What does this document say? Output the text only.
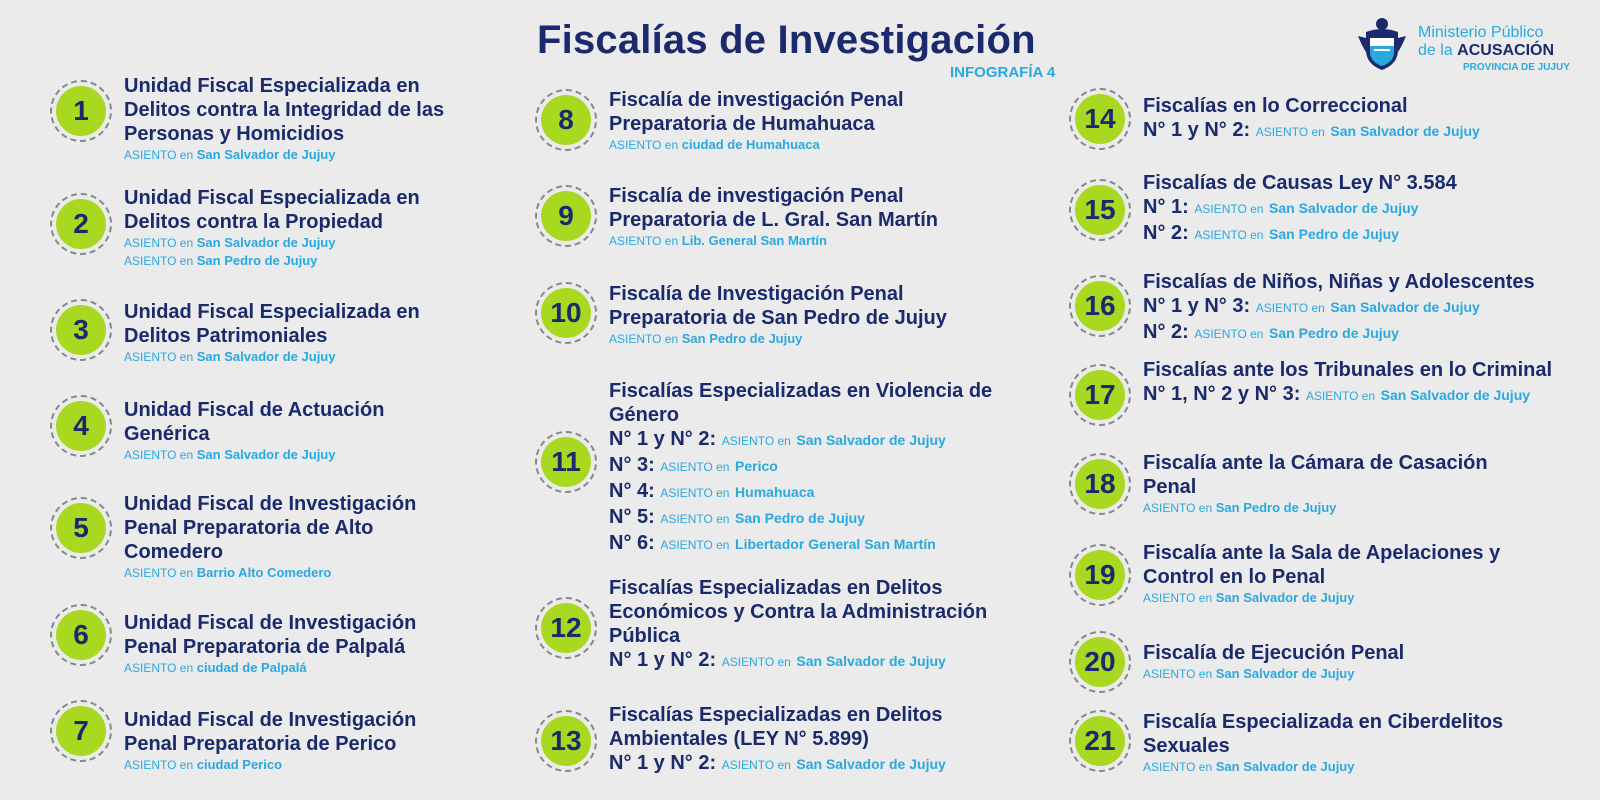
Fiscalías de Investigación
INFOGRAFÍA 4
Ministerio Público
de la ACUSACIÓN
PROVINCIA DE JUJUY
1
Unidad Fiscal Especializada en Delitos contra la Integridad de las Personas y Homicidios
ASIENTO en San Salvador de Jujuy
2
Unidad Fiscal Especializada en Delitos contra la Propiedad
ASIENTO en San Salvador de Jujuy
ASIENTO en San Pedro de Jujuy
3
Unidad Fiscal Especializada en Delitos Patrimoniales
ASIENTO en San Salvador de Jujuy
4	Unidad Fiscal de Actuación Genérica
ASIENTO en San Salvador de Jujuy
5
Unidad Fiscal de Investigación Penal Preparatoria de Alto Comedero
ASIENTO en Barrio Alto Comedero
6	Unidad Fiscal de Investigación Penal Preparatoria de Palpalá
ASIENTO en ciudad de Palpalá
7	Unidad Fiscal de Investigación Penal Preparatoria de Perico
ASIENTO en ciudad Perico
8
Fiscalía de investigación Penal Preparatoria de Humahuaca
ASIENTO en ciudad de Humahuaca
9
Fiscalía de investigación Penal Preparatoria de L. Gral. San Martín
ASIENTO en Lib. General San Martín
10
Fiscalía de Investigación Penal Preparatoria de San Pedro de Jujuy
ASIENTO en San Pedro de Jujuy
11
Fiscalías Especializadas en Violencia de Género
N° 1 y N° 2: ASIENTO en San Salvador de Jujuy
N° 3: ASIENTO en Perico
N° 4: ASIENTO en Humahuaca
N° 5: ASIENTO en San Pedro de Jujuy
N° 6: ASIENTO en Libertador General San Martín
12
Fiscalías Especializadas en Delitos Económicos y Contra la Administración Pública
N° 1 y N° 2: ASIENTO en San Salvador de Jujuy
13
Fiscalías Especializadas en Delitos Ambientales (LEY N° 5.899)
N° 1 y N° 2: ASIENTO en San Salvador de Jujuy
14	Fiscalías en lo Correccional
N° 1 y N° 2: ASIENTO en San Salvador de Jujuy
15
Fiscalías de Causas Ley N° 3.584
N° 1: ASIENTO en San Salvador de Jujuy
N° 2: ASIENTO en San Pedro de Jujuy
16
Fiscalías de Niños, Niñas y Adolescentes
N° 1 y N° 3: ASIENTO en San Salvador de Jujuy
N° 2: ASIENTO en San Pedro de Jujuy
17
Fiscalías ante los Tribunales en lo Criminal
N° 1, N° 2 y N° 3: ASIENTO en San Salvador de Jujuy
18
Fiscalía ante la Cámara de Casación Penal
ASIENTO en San Pedro de Jujuy
19
Fiscalía ante la Sala de Apelaciones y Control en lo Penal
ASIENTO en San Salvador de Jujuy
20	Fiscalía de Ejecución Penal
ASIENTO en San Salvador de Jujuy
21
Fiscalía Especializada en Ciberdelitos Sexuales
ASIENTO en San Salvador de Jujuy
